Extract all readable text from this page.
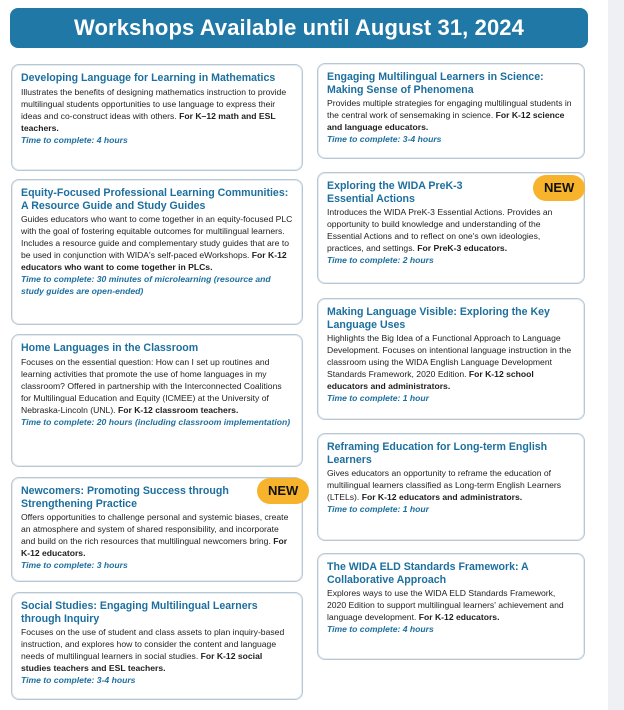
Workshops Available until August 31, 2024
Developing Language for Learning in Mathematics

Illustrates the benefits of designing mathematics instruction to provide multilingual students opportunities to use language to express their ideas and co-construct ideas with others. For K–12 math and ESL teachers.

Time to complete: 4 hours
Equity-Focused Professional Learning Communities: A Resource Guide and Study Guides

Guides educators who want to come together in an equity-focused PLC with the goal of fostering equitable outcomes for multilingual learners. Includes a resource guide and complementary study guides that are to be used in conjunction with WIDA's self-paced eWorkshops. For K-12 educators who want to come together in PLCs.

Time to complete: 30 minutes of microlearning (resource and study guides are open-ended)
Home Languages in the Classroom

Focuses on the essential question: How can I set up routines and learning activities that promote the use of home languages in my classroom? Offered in partnership with the Interconnected Coalitions for Multilingual Education and Equity (ICMEE) at the University of Nebraska-Lincoln (UNL). For K-12 classroom teachers.

Time to complete: 20 hours (including classroom implementation)
Newcomers: Promoting Success through Strengthening Practice

Offers opportunities to challenge personal and systemic biases, create an atmosphere and system of shared responsibility, and incorporate and build on the rich resources that multilingual newcomers bring. For K-12 educators.

Time to complete: 3 hours
NEW
Social Studies: Engaging Multilingual Learners through Inquiry

Focuses on the use of student and class assets to plan inquiry-based instruction, and explores how to consider the content and language needs of multilingual learners in social studies. For K-12 social studies teachers and ESL teachers.

Time to complete: 3-4 hours
Engaging Multilingual Learners in Science: Making Sense of Phenomena

Provides multiple strategies for engaging multilingual students in the central work of sensemaking in science. For K-12 science and language educators.

Time to complete: 3-4 hours
Exploring the WIDA PreK-3 Essential Actions

Introduces the WIDA PreK-3 Essential Actions. Provides an opportunity to build knowledge and understanding of the Essential Actions and to reflect on one's own ideologies, practices, and settings. For PreK-3 educators.

Time to complete: 2 hours
NEW
Making Language Visible: Exploring the Key Language Uses

Highlights the Big Idea of a Functional Approach to Language Development. Focuses on intentional language instruction in the classroom using the WIDA English Language Development Standards Framework, 2020 Edition. For K-12 school educators and administrators.

Time to complete: 1 hour
Reframing Education for Long-term English Learners

Gives educators an opportunity to reframe the education of multilingual learners classified as Long-term English Learners (LTELs). For K-12 educators and administrators.

Time to complete: 1 hour
The WIDA ELD Standards Framework: A Collaborative Approach

Explores ways to use the WIDA ELD Standards Framework, 2020 Edition to support multilingual learners' achievement and language development. For K-12 educators.

Time to complete: 4 hours
